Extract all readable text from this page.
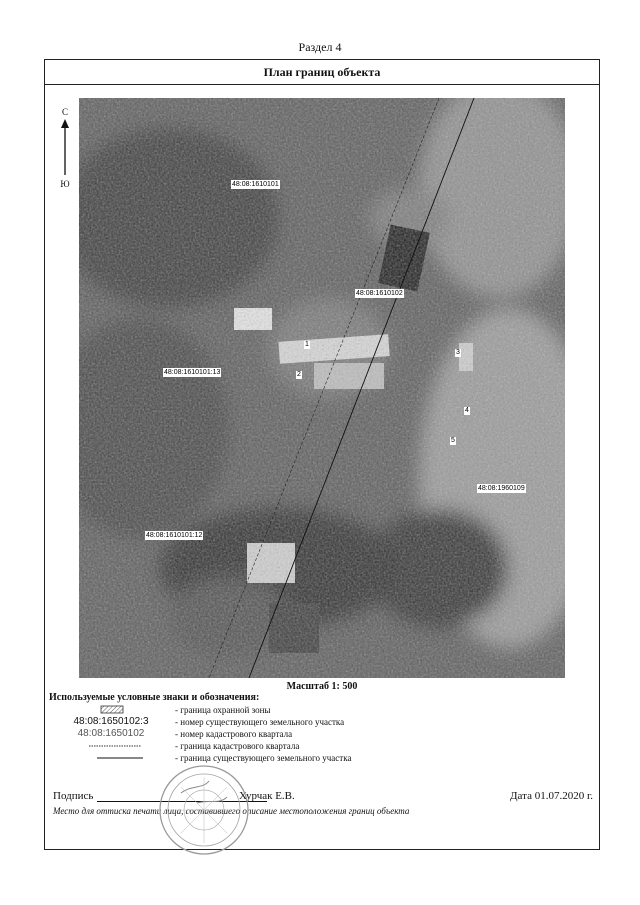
Раздел 4
План границ объекта
С
Ю	48:08:1610101
48:08:1610102
48:08:1610101:13
48:08:1960109
48:08:1610101:12
1
2
3
4
5
Масштаб 1: 500
Используемые условные знаки и обозначения:
- граница охранной зоны
48:08:1650102:3	- номер существующего земельного участка
48:08:1650102	- номер кадастрового квартала
- граница кадастрового квартала
- граница существующего земельного участка
Подпись	Хурчак Е.В.	Дата 01.07.2020 г.
Место для оттиска печати лица, составившего описание местоположения границ объекта
